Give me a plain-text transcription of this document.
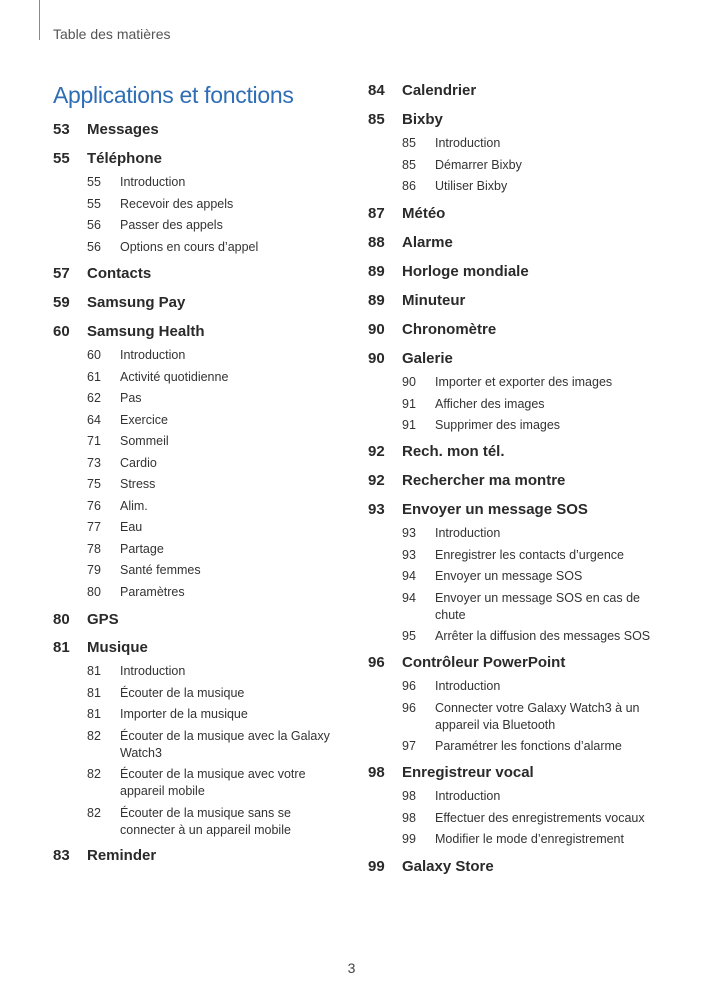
Table des matières
Applications et fonctions
53 Messages
55 Téléphone
55 Introduction
55 Recevoir des appels
56 Passer des appels
56 Options en cours d’appel
57 Contacts
59 Samsung Pay
60 Samsung Health
60 Introduction
61 Activité quotidienne
62 Pas
64 Exercice
71 Sommeil
73 Cardio
75 Stress
76 Alim.
77 Eau
78 Partage
79 Santé femmes
80 Paramètres
80 GPS
81 Musique
81 Introduction
81 Écouter de la musique
81 Importer de la musique
82 Écouter de la musique avec la Galaxy Watch3
82 Écouter de la musique avec votre appareil mobile
82 Écouter de la musique sans se connecter à un appareil mobile
83 Reminder
84 Calendrier
85 Bixby
85 Introduction
85 Démarrer Bixby
86 Utiliser Bixby
87 Météo
88 Alarme
89 Horloge mondiale
89 Minuteur
90 Chronomètre
90 Galerie
90 Importer et exporter des images
91 Afficher des images
91 Supprimer des images
92 Rech. mon tél.
92 Rechercher ma montre
93 Envoyer un message SOS
93 Introduction
93 Enregistrer les contacts d’urgence
94 Envoyer un message SOS
94 Envoyer un message SOS en cas de chute
95 Arrêter la diffusion des messages SOS
96 Contrôleur PowerPoint
96 Introduction
96 Connecter votre Galaxy Watch3 à un appareil via Bluetooth
97 Paramétrer les fonctions d’alarme
98 Enregistreur vocal
98 Introduction
98 Effectuer des enregistrements vocaux
99 Modifier le mode d’enregistrement
99 Galaxy Store
3
